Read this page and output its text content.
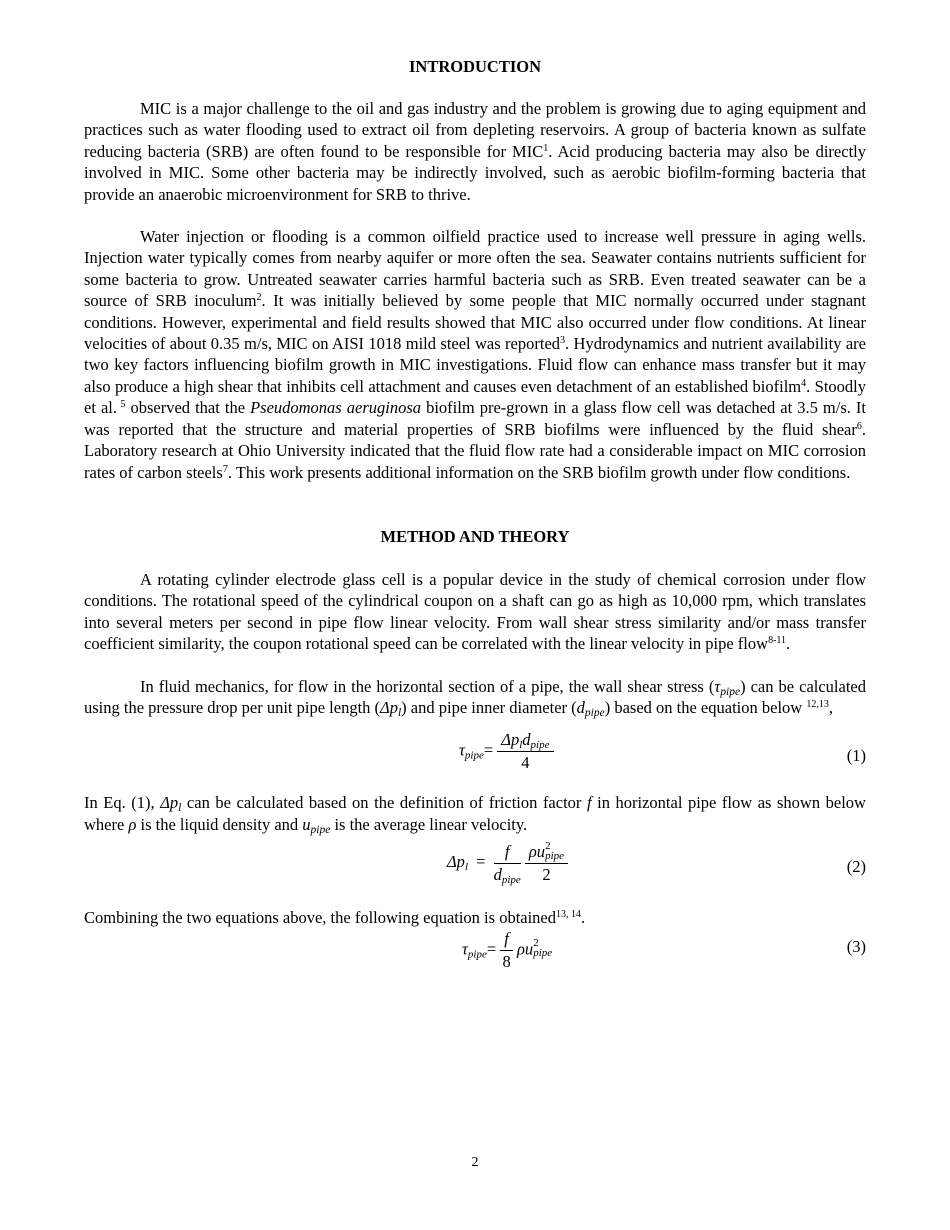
INTRODUCTION

MIC is a major challenge to the oil and gas industry and the problem is growing due to aging equipment and practices such as water flooding used to extract oil from depleting reservoirs. A group of bacteria known as sulfate reducing bacteria (SRB) are often found to be responsible for MIC$^1$. Acid producing bacteria may also be directly involved in MIC. Some other bacteria may be indirectly involved, such as aerobic biofilm-forming bacteria that provide an anaerobic microenvironment for SRB to thrive.

Water injection or flooding is a common oilfield practice used to increase well pressure in aging wells. Injection water typically comes from nearby aquifer or more often the sea. Seawater contains nutrients sufficient for some bacteria to grow. Untreated seawater carries harmful bacteria such as SRB. Even treated seawater can be a source of SRB inoculum$^2$. It was initially believed by some people that MIC normally occurred under stagnant conditions. However, experimental and field results showed that MIC also occurred under flow conditions. At linear velocities of about 0.35 m/s, MIC on AISI 1018 mild steel was reported$^3$. Hydrodynamics and nutrient availability are two key factors influencing biofilm growth in MIC investigations. Fluid flow can enhance mass transfer but it may also produce a high shear that inhibits cell attachment and causes even detachment of an established biofilm$^4$. Stoodly et al. $^5$ observed that the Pseudomonas aeruginosa biofilm pre-grown in a glass flow cell was detached at 3.5 m/s. It was reported that the structure and material properties of SRB biofilms were influenced by the fluid shear$^6$. Laboratory research at Ohio University indicated that the fluid flow rate had a considerable impact on MIC corrosion rates of carbon steels$^7$. This work presents additional information on the SRB biofilm growth under flow conditions.

METHOD AND THEORY

A rotating cylinder electrode glass cell is a popular device in the study of chemical corrosion under flow conditions. The rotational speed of the cylindrical coupon on a shaft can go as high as 10,000 rpm, which translates into several meters per second in pipe flow linear velocity. From wall shear stress similarity and/or mass transfer coefficient similarity, the coupon rotational speed can be correlated with the linear velocity in pipe flow$^{8-11}$.

In fluid mechanics, for flow in the horizontal section of a pipe, the wall shear stress $(\tau_{pipe})$ can be calculated using the pressure drop per unit pipe length $(\Delta p_l)$ and pipe inner diameter $(d_{pipe})$ based on the equation below $^{12,13}$,

$\tau_{pipe}= \frac{\Delta p_ld_{pipe}}{4}$	(1)

In Eq. (1), $\Delta p_l$ can be calculated based on the definition of friction factor f in horizontal pipe flow as shown below where ρ is the liquid density and $u_{pipe}$ is the average linear velocity.

$\Delta p_l = \frac{f}{d_{pipe}}$
ρu 2
pipe
2	(2)

Combining the two equations above, the following equation is obtained$^{13, 14}$.

$\tau_{pipe}= \frac{f}{8}$ ρu 2
pipe	(3)
2
